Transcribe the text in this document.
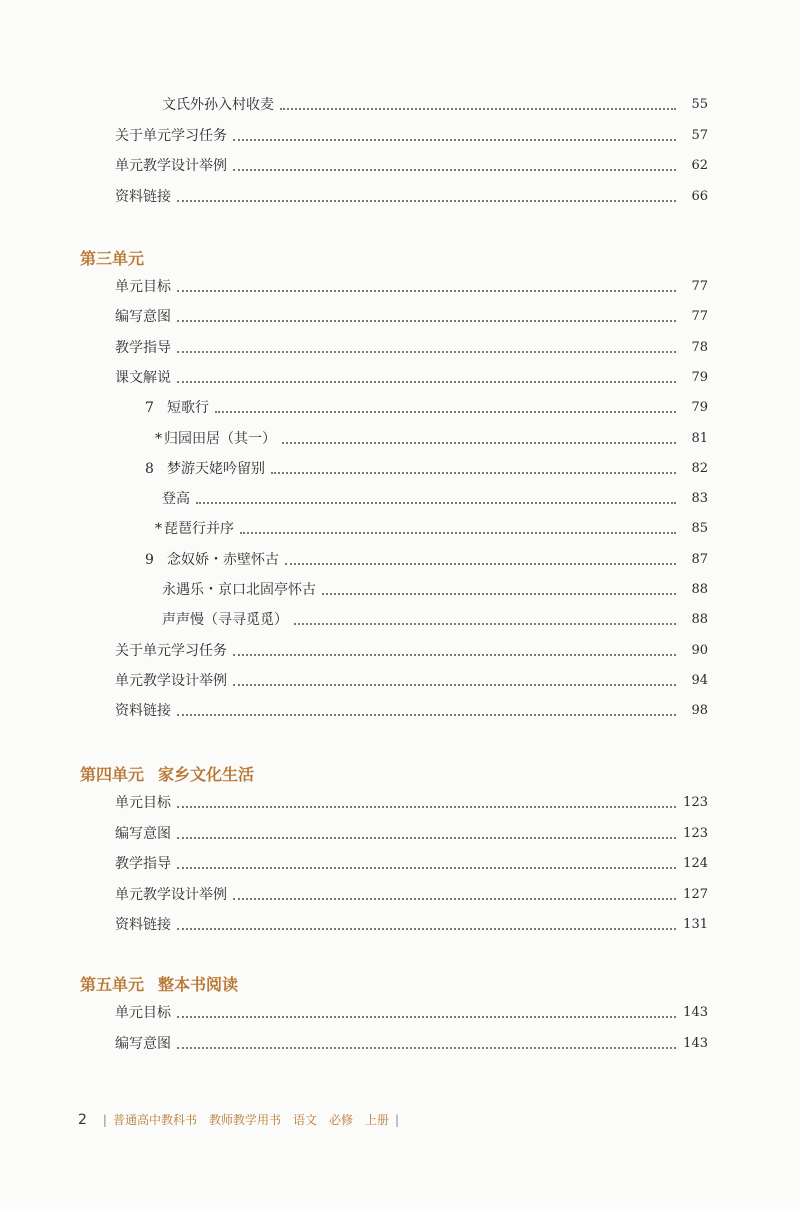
文氏外孙入村收麦	55
关于单元学习任务	57
单元教学设计举例	62
资料链接	66
第三单元
单元目标	77
编写意图	77
教学指导	78
课文解说	79
7 短歌行	79
* 归园田居（其一）	81
8 梦游天姥吟留别	82
登高	83
* 琵琶行并序	85
9 念奴娇・赤壁怀古	87
永遇乐・京口北固亭怀古	88
声声慢（寻寻觅觅）	88
关于单元学习任务	90
单元教学设计举例	94
资料链接	98
第四单元 家乡文化生活
单元目标	123
编写意图	123
教学指导	124
单元教学设计举例	127
资料链接	131
第五单元 整本书阅读
单元目标	143
编写意图	143
2 | 普通高中教科书 教师教学用书 语文 必修 上册 |
